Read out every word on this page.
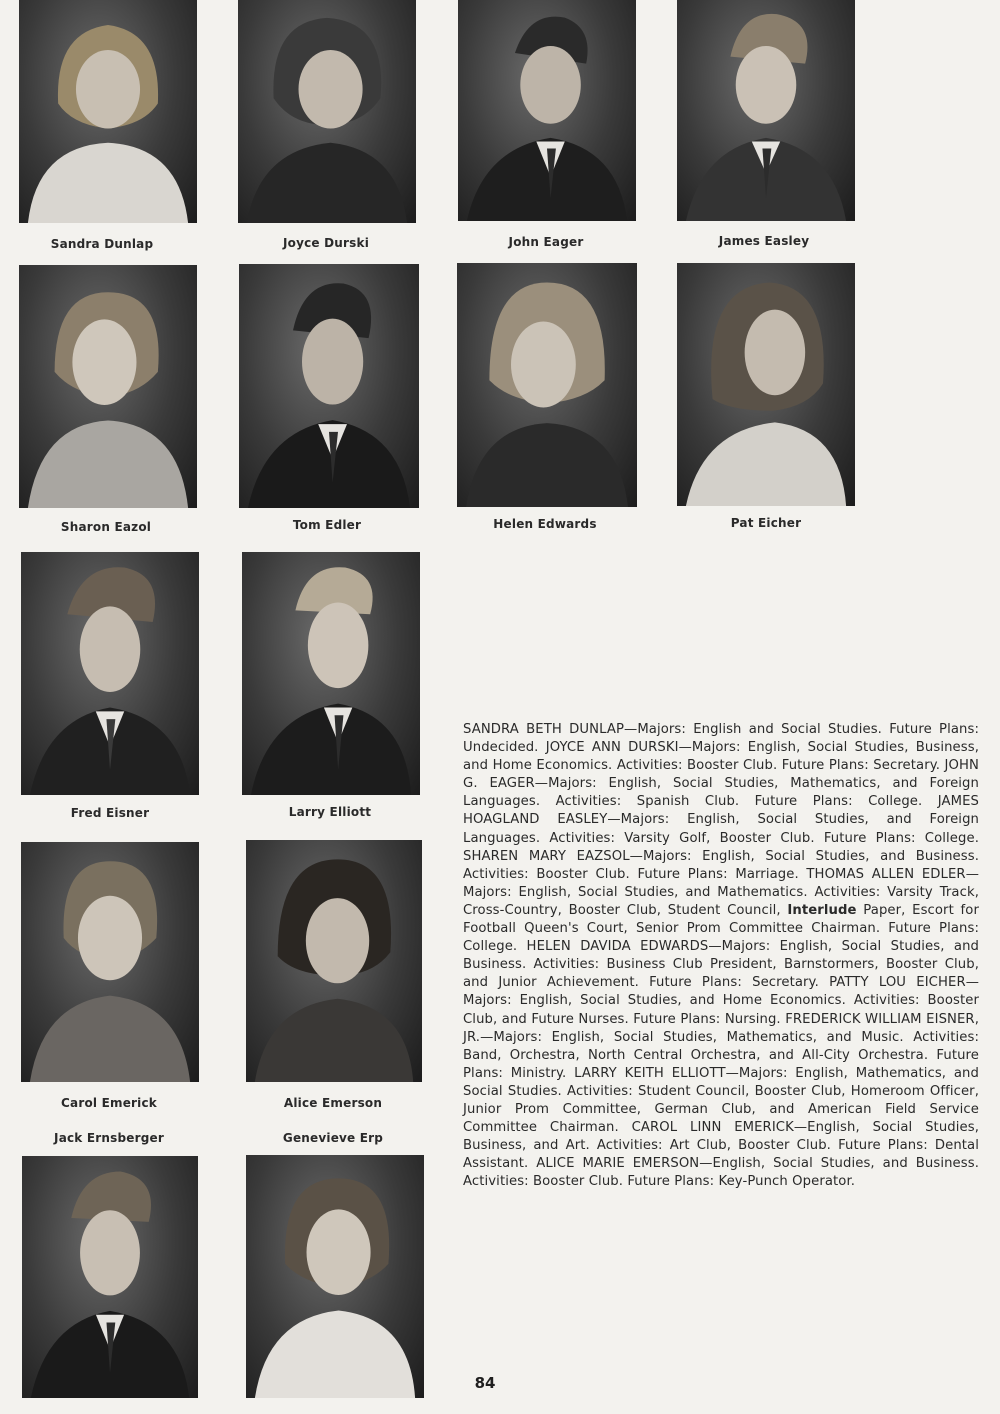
Sandra Dunlap	Joyce Durski	John Eager	James Easley
Sharon Eazol	Tom Edler	Helen Edwards	Pat Eicher
Fred Eisner	Larry Elliott
Carol Emerick	Alice Emerson
Jack Ernsberger	Genevieve Erp
SANDRA BETH DUNLAP—Majors: English and Social Studies. Future Plans: Undecided. JOYCE ANN DURSKI—Majors: English, Social Studies, Business, and Home Economics. Activities: Booster Club. Future Plans: Secretary. JOHN G. EAGER—Majors: English, Social Studies, Mathematics, and Foreign Languages. Activities: Spanish Club. Future Plans: College. JAMES HOAGLAND EASLEY—Majors: English, Social Studies, and Foreign Languages. Activities: Varsity Golf, Booster Club. Future Plans: College. SHAREN MARY EAZSOL—Majors: English, Social Studies, and Business. Activities: Booster Club. Future Plans: Marriage. THOMAS ALLEN EDLER—Majors: English, Social Studies, and Mathematics. Activities: Varsity Track, Cross-Country, Booster Club, Student Council, Interlude Paper, Escort for Football Queen's Court, Senior Prom Committee Chairman. Future Plans: College. HELEN DAVIDA EDWARDS—Majors: English, Social Studies, and Business. Activities: Business Club President, Barnstormers, Booster Club, and Junior Achievement. Future Plans: Secretary. PATTY LOU EICHER—Majors: English, Social Studies, and Home Economics. Activities: Booster Club, and Future Nurses. Future Plans: Nursing. FREDERICK WILLIAM EISNER, JR.—Majors: English, Social Studies, Mathematics, and Music. Activities: Band, Orchestra, North Central Orchestra, and All-City Orchestra. Future Plans: Ministry. LARRY KEITH ELLIOTT—Majors: English, Mathematics, and Social Studies. Activities: Student Council, Booster Club, Homeroom Officer, Junior Prom Committee, German Club, and American Field Service Committee Chairman. CAROL LINN EMERICK—English, Social Studies, Business, and Art. Activities: Art Club, Booster Club. Future Plans: Dental Assistant. ALICE MARIE EMERSON—English, Social Studies, and Business. Activities: Booster Club. Future Plans: Key-Punch Operator.
84
